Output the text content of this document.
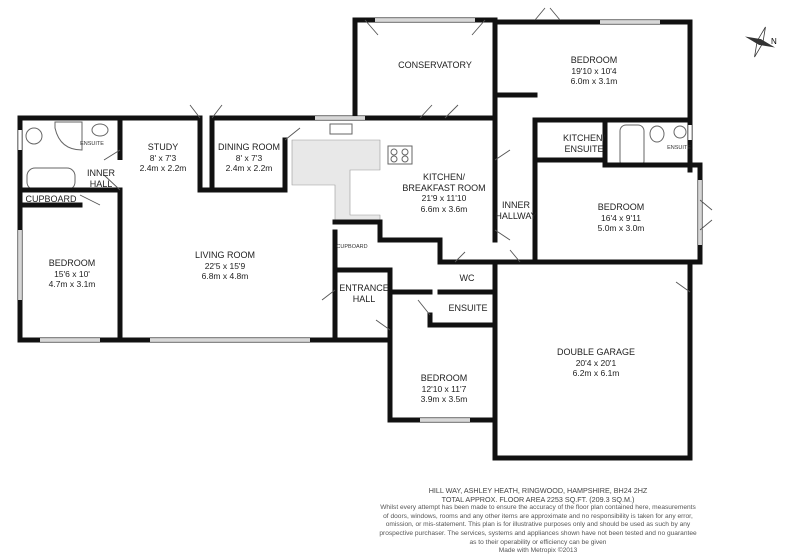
N
CONSERVATORY	BEDROOM
19'10 x 10'4
6.0m x 3.1m
STUDY
8' x 7'3
2.4m x 2.2m
DINING ROOM
8' x 7'3
2.4m x 2.2m
KITCHEN/
ENSUITE
KITCHEN/
BREAKFAST ROOM
21'9 x 11'10
6.6m x 3.6m
INNER
HALL
INNER
HALLWAY
CUPBOARD
CUPBOARD
ENSUITE
ENSUITE
BEDROOM
16'4 x 9'11
5.0m x 3.0m
BEDROOM
15'6 x 10'
4.7m x 3.1m
LIVING ROOM
22'5 x 15'9
6.8m x 4.8m
ENTRANCE
HALL
WC
ENSUITE
DOUBLE GARAGE
20'4 x 20'1
6.2m x 6.1m
BEDROOM
12'10 x 11'7
3.9m x 3.5m
HILL WAY, ASHLEY HEATH, RINGWOOD, HAMPSHIRE, BH24 2HZ
TOTAL APPROX. FLOOR AREA 2253 SQ.FT. (209.3 SQ.M.)
Whilst every attempt has been made to ensure the accuracy of the floor plan contained here, measurements
of doors, windows, rooms and any other items are approximate and no responsibility is taken for any error,
omission, or mis-statement. This plan is for illustrative purposes only and should be used as such by any
prospective purchaser. The services, systems and appliances shown have not been tested and no guarantee
as to their operability or efficiency can be given
Made with Metropix ©2013
